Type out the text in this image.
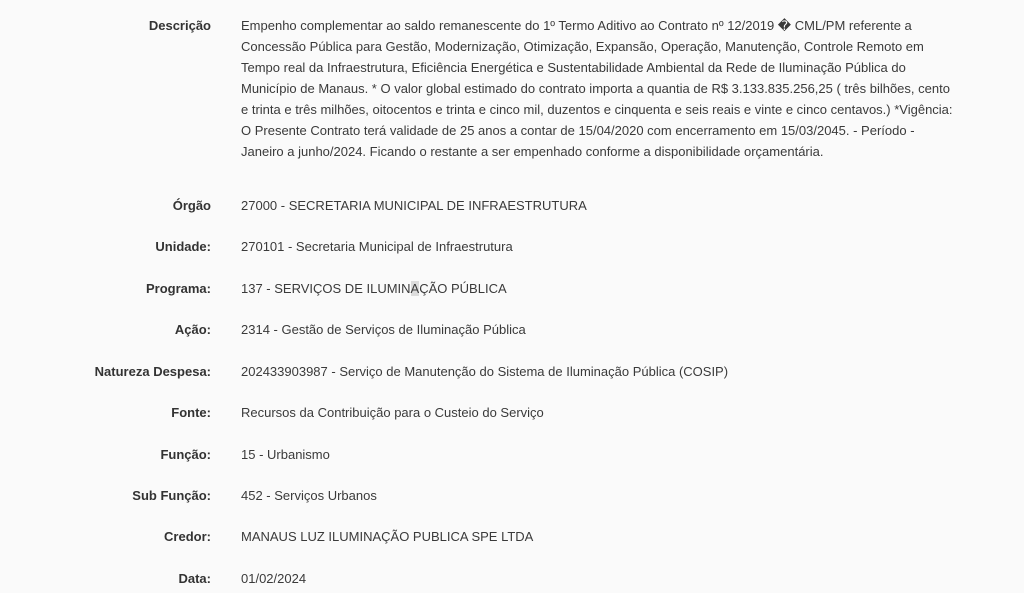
Descrição Empenho complementar ao saldo remanescente do 1º Termo Aditivo ao Contrato nº 12/2019 � CML/PM referente a Concessão Pública para Gestão, Modernização, Otimização, Expansão, Operação, Manutenção, Controle Remoto em Tempo real da Infraestrutura, Eficiência Energética e Sustentabilidade Ambiental da Rede de Iluminação Pública do Município de Manaus. * O valor global estimado do contrato importa a quantia de R$ 3.133.835.256,25 ( três bilhões, cento e trinta e três milhões, oitocentos e trinta e cinco mil, duzentos e cinquenta e seis reais e vinte e cinco centavos.) *Vigência: O Presente Contrato terá validade de 25 anos a contar de 15/04/2020 com encerramento em 15/03/2045. - Período - Janeiro a junho/2024. Ficando o restante a ser empenhado conforme a disponibilidade orçamentária.
Órgão 27000 - SECRETARIA MUNICIPAL DE INFRAESTRUTURA
Unidade: 270101 - Secretaria Municipal de Infraestrutura
Programa: 137 - SERVIÇOS DE ILUMINAÇÃO PÚBLICA
Ação: 2314 - Gestão de Serviços de Iluminação Pública
Natureza Despesa: 202433903987 - Serviço de Manutenção do Sistema de Iluminação Pública (COSIP)
Fonte: Recursos da Contribuição para o Custeio do Serviço
Função: 15 - Urbanismo
Sub Função: 452 - Serviços Urbanos
Credor: MANAUS LUZ ILUMINAÇÃO PUBLICA SPE LTDA
Data: 01/02/2024
